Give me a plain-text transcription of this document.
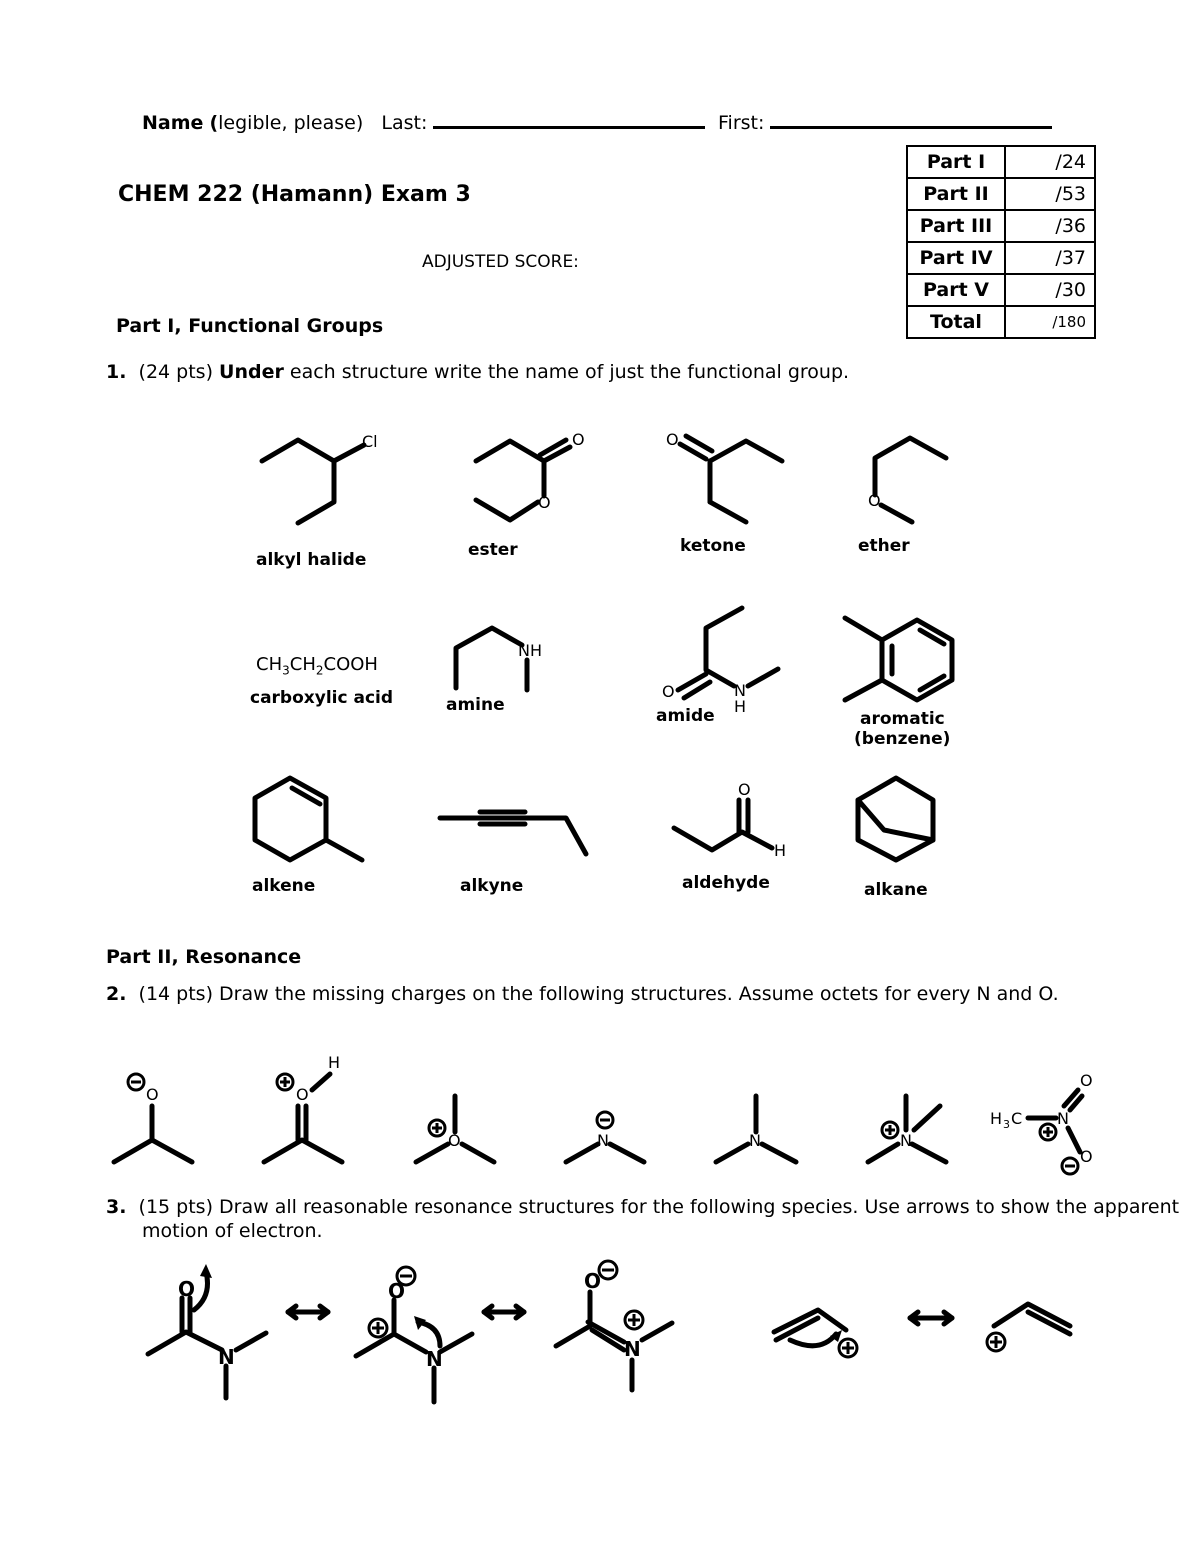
Name (legible, please)   Last:	First:
CHEM 222 (Hamann) Exam 3
ADJUSTED SCORE:
Part I	/24
Part II	/53
Part III	/36
Part IV	/37
Part V	/30
Total	/180
Part I, Functional Groups
1. (24 pts) Under each structure write the name of just the functional group.
Cl	O
O
O
O
NH
O	N
H
O
H
O	O
H
O	N	N	N
H 3 C N
O
O
O
N
O
N
O
N
$CH_3CH_2COOH$
alkyl halide	ester	ketone	ether
carboxylic acid	amine
amide	aromatic
(benzene)
alkene	alkyne	aldehyde	alkane
Part II, Resonance
2. (14 pts) Draw the missing charges on the following structures. Assume octets for every N and O.
3. (15 pts) Draw all reasonable resonance structures for the following species. Use arrows to show the apparent
motion of electron.
